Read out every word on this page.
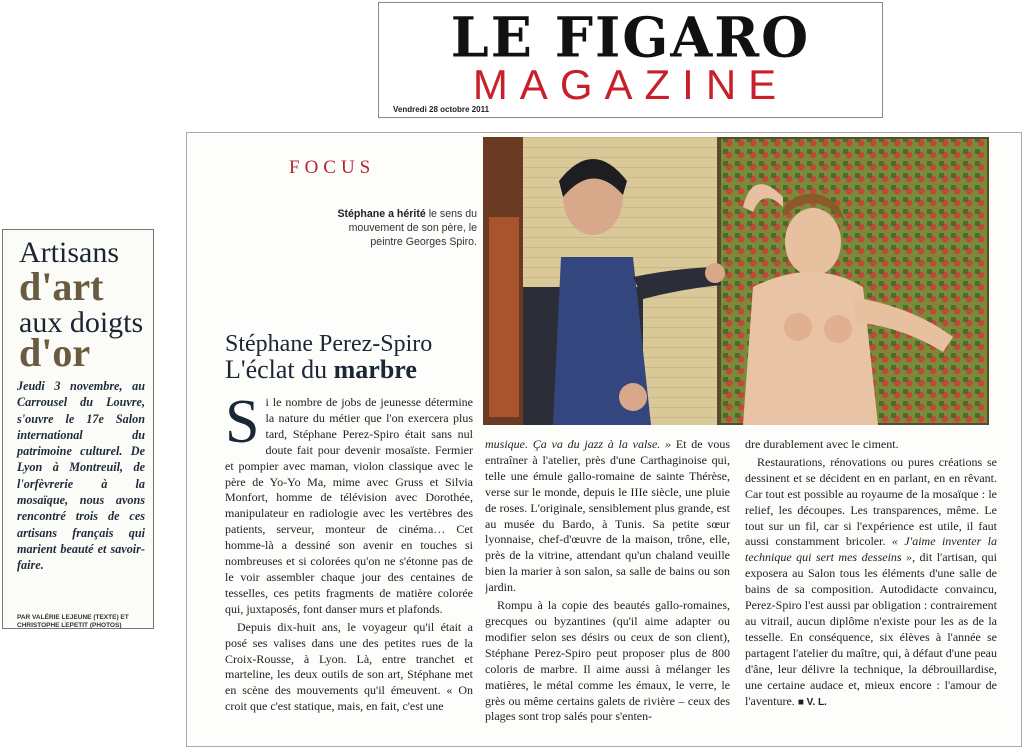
LE FIGARO
MAGAZINE
Vendredi 28 octobre 2011
Artisans
d'art
aux doigts
d'or
Jeudi 3 novembre, au Carrousel du Louvre, s'ouvre le 17e Salon international du patrimoine culturel. De Lyon à Montreuil, de l'orfèvrerie à la mosaïque, nous avons rencontré trois de ces artisans français qui marient beauté et savoir-faire.
PAR VALÉRIE LEJEUNE (TEXTE) ET CHRISTOPHE LEPETIT (PHOTOS)
FOCUS
Stéphane a hérité le sens du mouvement de son père, le peintre Georges Spiro.
Stéphane Perez-Spiro
L'éclat du marbre

Si le nombre de jobs de jeunesse détermine la nature du métier que l'on exercera plus tard, Stéphane Perez-Spiro était sans nul doute fait pour devenir mosaïste. Fermier et pompier avec maman, violon classique avec le père de Yo-Yo Ma, mime avec Gruss et Silvia Monfort, homme de télévision avec Dorothée, manipulateur en radiologie avec les vertèbres des patients, serveur, monteur de cinéma… Cet homme-là a dessiné son avenir en touches si nombreuses et si colorées qu'on ne s'étonne pas de le voir assembler chaque jour des centaines de tesselles, ces petits fragments de matière colorée qui, juxtaposés, font danser murs et plafonds.

Depuis dix-huit ans, le voyageur qu'il était a posé ses valises dans une des petites rues de la Croix-Rousse, à Lyon. Là, entre tranchet et marteline, les deux outils de son art, Stéphane met en scène des mouvements qu'il émeuvent. « On croit que c'est statique, mais, en fait, c'est une

musique. Ça va du jazz à la valse. » Et de vous entraîner à l'atelier, près d'une Carthaginoise qui, telle une émule gallo-romaine de sainte Thérèse, verse sur le monde, depuis le IIIe siècle, une pluie de roses. L'originale, sensiblement plus grande, est au musée du Bardo, à Tunis. Sa petite sœur lyonnaise, chef-d'œuvre de la maison, trône, elle, près de la vitrine, attendant qu'un chaland veuille bien la marier à son salon, sa salle de bains ou son jardin.

Rompu à la copie des beautés gallo-romaines, grecques ou byzantines (qu'il aime adapter ou modifier selon ses désirs ou ceux de son client), Stéphane Perez-Spiro peut proposer plus de 800 coloris de marbre. Il aime aussi à mélanger les matières, le métal comme les émaux, le verre, le grès ou même certains galets de rivière – ceux des plages sont trop salés pour s'enten-

dre durablement avec le ciment.

Restaurations, rénovations ou pures créations se dessinent et se décident en en parlant, en en rêvant. Car tout est possible au royaume de la mosaïque : le relief, les découpes. Les transparences, même. Le tout sur un fil, car si l'expérience est utile, il faut aussi constamment bricoler. « J'aime inventer la technique qui sert mes desseins », dit l'artisan, qui exposera au Salon tous les éléments d'une salle de bains de sa composition. Autodidacte convaincu, Perez-Spiro l'est aussi par obligation : contrairement au vitrail, aucun diplôme n'existe pour les as de la tesselle. En conséquence, six élèves à l'année se partagent l'atelier du maître, qui, à défaut d'une peau d'âne, leur délivre la technique, la débrouillardise, une certaine audace et, mieux encore : l'amour de l'aventure. ■ V. L.
